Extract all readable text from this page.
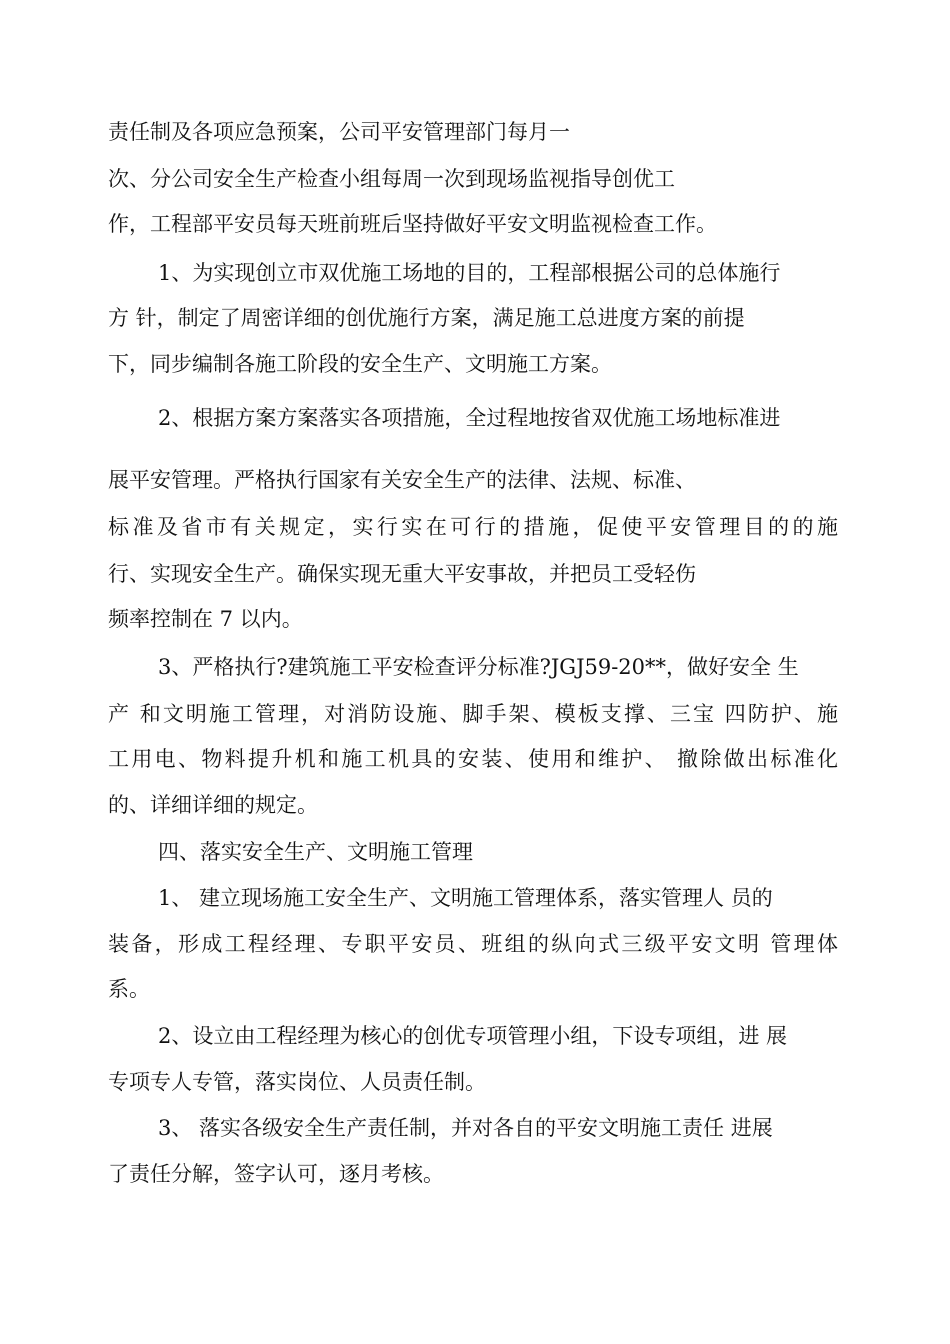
责任制及各项应急预案，公司平安管理部门每月一
次、分公司安全生产检查小组每周一次到现场监视指导创优工
作，工程部平安员每天班前班后坚持做好平安文明监视检查工作。
1、为实现创立市双优施工场地的目的，工程部根据公司的总体施行
方 针，制定了周密详细的创优施行方案，满足施工总进度方案的前提
下，同步编制各施工阶段的安全生产、文明施工方案。
2、根据方案方案落实各项措施，全过程地按省双优施工场地标准进
展平安管理。严格执行国家有关安全生产的法律、法规、标准、
标准及省市有关规定，实行实在可行的措施，促使平安管理目的的施
行、实现安全生产。确保实现无重大平安事故，并把员工受轻伤
频率控制在 7 以内。
3、严格执行?建筑施工平安检查评分标准?JGJ59-20**，做好安全 生
产 和文明施工管理，对消防设施、脚手架、模板支撑、三宝 四防护、施
工用电、物料提升机和施工机具的安装、使用和维护、 撤除做出标准化
的、详细详细的规定。
四、落实安全生产、文明施工管理
1、 建立现场施工安全生产、文明施工管理体系，落实管理人 员的
装备，形成工程经理、专职平安员、班组的纵向式三级平安文明 管理体
系。
2、设立由工程经理为核心的创优专项管理小组，下设专项组，进 展
专项专人专管，落实岗位、人员责任制。
3、 落实各级安全生产责任制，并对各自的平安文明施工责任 进展
了责任分解，签字认可，逐月考核。
